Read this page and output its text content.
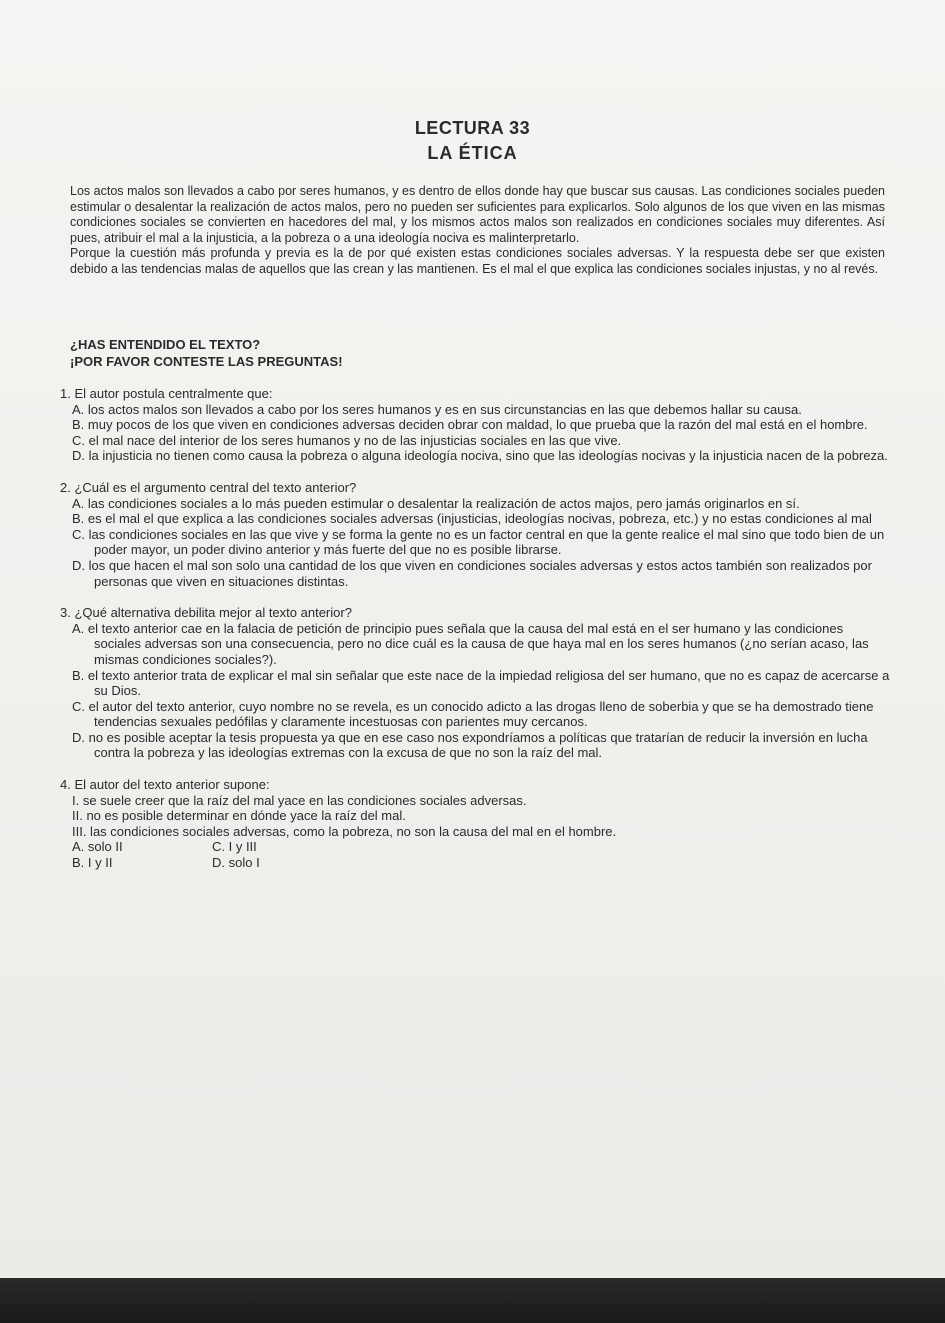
LECTURA 33
LA ÉTICA

Los actos malos son llevados a cabo por seres humanos, y es dentro de ellos donde hay que buscar sus causas. Las condiciones sociales pueden estimular o desalentar la realización de actos malos, pero no pueden ser suficientes para explicarlos. Solo algunos de los que viven en las mismas condiciones sociales se convierten en hacedores del mal, y los mismos actos malos son realizados en condiciones sociales muy diferentes. Así pues, atribuir el mal a la injusticia, a la pobreza o a una ideología nociva es malinterpretarlo.

Porque la cuestión más profunda y previa es la de por qué existen estas condiciones sociales adversas. Y la respuesta debe ser que existen debido a las tendencias malas de aquellos que las crean y las mantienen. Es el mal el que explica las condiciones sociales injustas, y no al revés.

¿HAS ENTENDIDO EL TEXTO?
¡POR FAVOR CONTESTE LAS PREGUNTAS!
1. El autor postula centralmente que:
A. los actos malos son llevados a cabo por los seres humanos y es en sus circunstancias en las que debemos hallar su causa.
B. muy pocos de los que viven en condiciones adversas deciden obrar con maldad, lo que prueba que la razón del mal está en el hombre.
C. el mal nace del interior de los seres humanos y no de las injusticias sociales en las que vive.
D. la injusticia no tienen como causa la pobreza o alguna ideología nociva, sino que las ideologías nocivas y la injusticia nacen de la pobreza.
2. ¿Cuál es el argumento central del texto anterior?
A. las condiciones sociales a lo más pueden estimular o desalentar la realización de actos majos, pero jamás originarlos en sí.
B. es el mal el que explica a las condiciones sociales adversas (injusticias, ideologías nocivas, pobreza, etc.) y no estas condiciones al mal
C. las condiciones sociales en las que vive y se forma la gente no es un factor central en que la gente realice el mal sino que todo bien de un poder mayor, un poder divino anterior y más fuerte del que no es posible librarse.
D. los que hacen el mal son solo una cantidad de los que viven en condiciones sociales adversas y estos actos también son realizados por personas que viven en situaciones distintas.
3. ¿Qué alternativa debilita mejor al texto anterior?
A. el texto anterior cae en la falacia de petición de principio pues señala que la causa del mal está en el ser humano y las condiciones sociales adversas son una consecuencia, pero no dice cuál es la causa de que haya mal en los seres humanos (¿no serían acaso, las mismas condiciones sociales?).
B. el texto anterior trata de explicar el mal sin señalar que este nace de la impiedad religiosa del ser humano, que no es capaz de acercarse a su Dios.
C. el autor del texto anterior, cuyo nombre no se revela, es un conocido adicto a las drogas lleno de soberbia y que se ha demostrado tiene tendencias sexuales pedófilas y claramente incestuosas con parientes muy cercanos.
D. no es posible aceptar la tesis propuesta ya que en ese caso nos expondríamos a políticas que tratarían de reducir la inversión en lucha contra la pobreza y las ideologías extremas con la excusa de que no son la raíz del mal.
4. El autor del texto anterior supone:
I. se suele creer que la raíz del mal yace en las condiciones sociales adversas.
II. no es posible determinar en dónde yace la raíz del mal.
III. las condiciones sociales adversas, como la pobreza, no son la causa del mal en el hombre.
A. solo II	C. I y III
B. I y II	D. solo I
